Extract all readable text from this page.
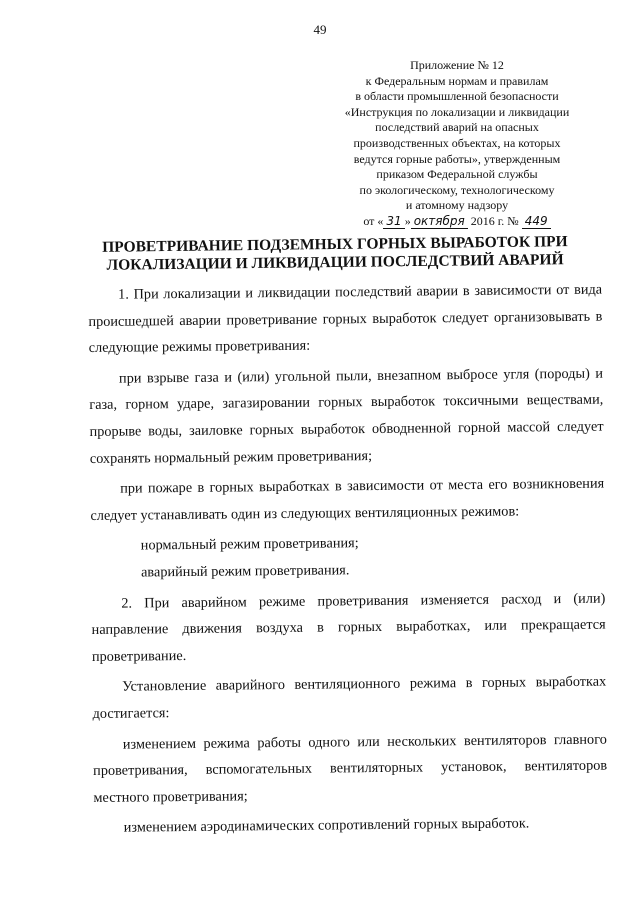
49
Приложение № 12
к Федеральным нормам и правилам
в области промышленной безопасности
«Инструкция по локализации и ликвидации
последствий аварий на опасных
производственных объектах, на которых
ведутся горные работы», утвержденным
приказом Федеральной службы
по экологическому, технологическому
и атомному надзору
от « 31 » октября 2016 г. № 449
ПРОВЕТРИВАНИЕ ПОДЗЕМНЫХ ГОРНЫХ ВЫРАБОТОК ПРИ ЛОКАЛИЗАЦИИ И ЛИКВИДАЦИИ ПОСЛЕДСТВИЙ АВАРИЙ

1. При локализации и ликвидации последствий аварии в зависимости от вида происшедшей аварии проветривание горных выработок следует организовывать в следующие режимы проветривания:

при взрыве газа и (или) угольной пыли, внезапном выбросе угля (породы) и газа, горном ударе, загазировании горных выработок токсичными веществами, прорыве воды, заиловке горных выработок обводненной горной массой следует сохранять нормальный режим проветривания;

при пожаре в горных выработках в зависимости от места его возникновения следует устанавливать один из следующих вентиляционных режимов:

нормальный режим проветривания;

аварийный режим проветривания.

2. При аварийном режиме проветривания изменяется расход и (или) направление движения воздуха в горных выработках, или прекращается проветривание.

Установление аварийного вентиляционного режима в горных выработках достигается:

изменением режима работы одного или нескольких вентиляторов главного проветривания, вспомогательных вентиляторных установок, вентиляторов местного проветривания;

изменением аэродинамических сопротивлений горных выработок.
